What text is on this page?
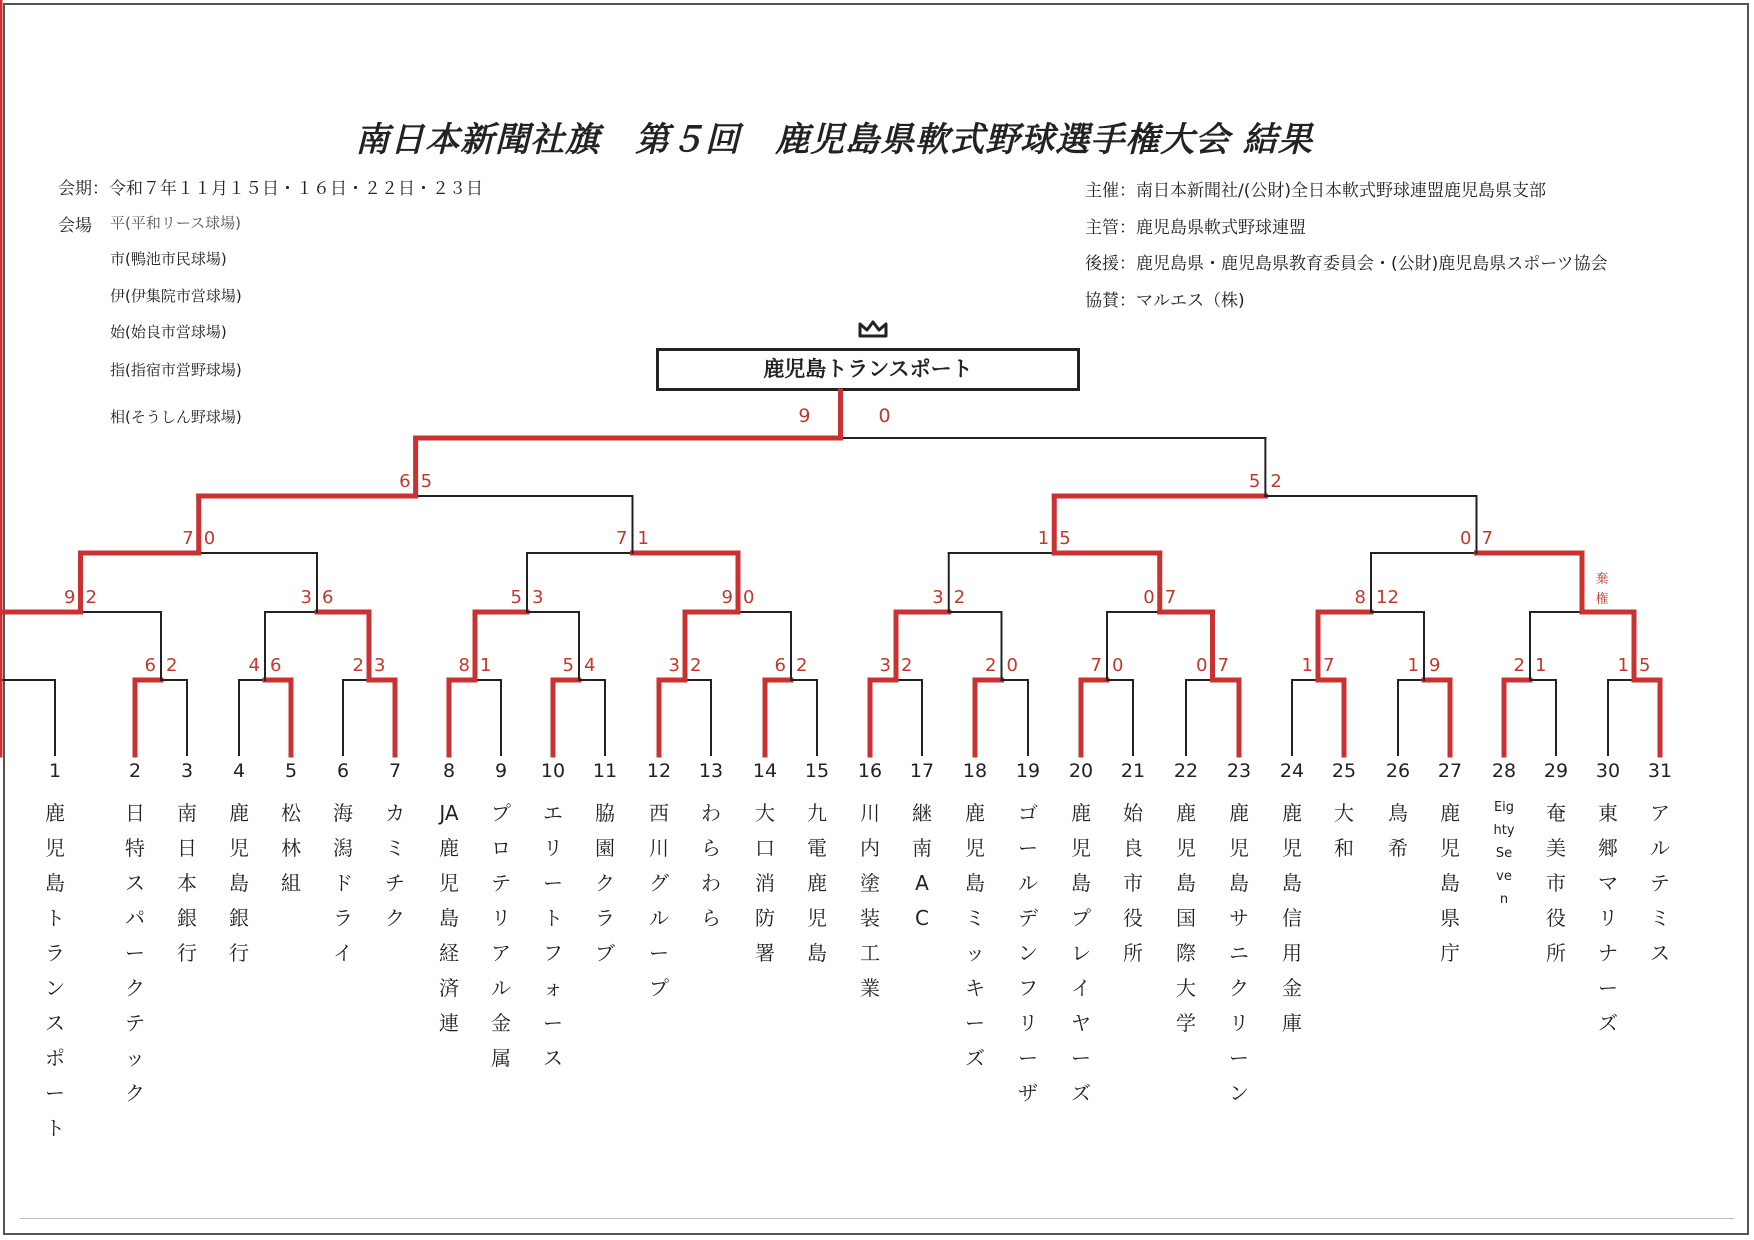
南日本新聞社旗　第５回　鹿児島県軟式野球選手権大会 結果
会期：令和７年１１月１５日・１６日・２２日・２３日
会場 平(平和リース球場)
市(鴨池市民球場)
伊(伊集院市営球場)
始(始良市営球場)
指(指宿市営野球場)
相(そうしん野球場)
主催：南日本新聞社/(公財)全日本軟式野球連盟鹿児島県支部
主管：鹿児島県軟式野球連盟
後援：鹿児島県・鹿児島県教育委員会・(公財)鹿児島県スポーツ協会
協賛：マルエス（株)
鹿児島トランスポート
6 2
9 2
4 6	2 3
3 6
7 0
8 1	5 4
5 3
3 2	6 2
9 0
7 1
6 5
3 2	2 0
3 2
7 0	0 7
0 7
1 5
1 7	1 9
8 12
2 1	1 5
棄
権
0 7
5 2
9	0
1
鹿児島トランスポート
2
日特スパークテック
3
南日本銀行
4
鹿児島銀行
5
松林組
6
海潟ドライ
7
カミチク
8
JA鹿児島経済連
9
プロテリアル金属
10
エリートフォース
11
脇園クラブ
12
西川グループ
13
わらわら
14
大口消防署
15
九電鹿児島
16
川内塗装工業
17
継南AC
18
鹿児島ミッキーズ
19
ゴールデンフリーザ
20
鹿児島プレイヤーズ
21
始良市役所
22
鹿児島国際大学
23
鹿児島サニクリーン
24
鹿児島信用金庫
25
大和
26
鳥希
27
鹿児島県庁
28
Eighty Seven
29
奄美市役所
30
東郷マリナーズ
31
アルテミス
